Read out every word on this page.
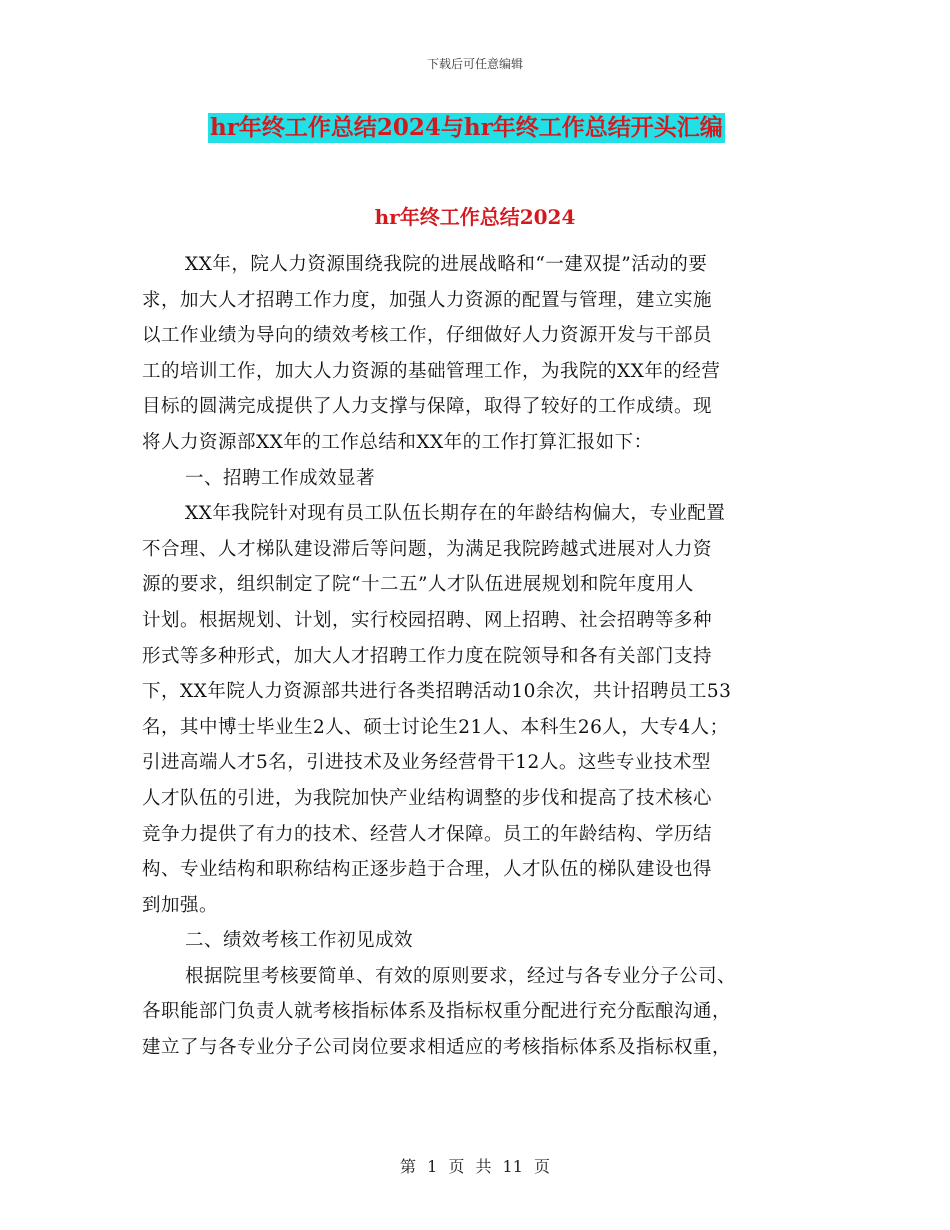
下载后可任意编辑
hr年终工作总结2024与hr年终工作总结开头汇编
hr年终工作总结2024
XX年，院人力资源围绕我院的进展战略和“一建双提”活动的要
求，加大人才招聘工作力度，加强人力资源的配置与管理，建立实施
以工作业绩为导向的绩效考核工作，仔细做好人力资源开发与干部员
工的培训工作，加大人力资源的基础管理工作，为我院的XX年的经营
目标的圆满完成提供了人力支撑与保障，取得了较好的工作成绩。现
将人力资源部XX年的工作总结和XX年的工作打算汇报如下：
一、招聘工作成效显著
XX年我院针对现有员工队伍长期存在的年龄结构偏大，专业配置
不合理、人才梯队建设滞后等问题，为满足我院跨越式进展对人力资
源的要求，组织制定了院“十二五”人才队伍进展规划和院年度用人
计划。根据规划、计划，实行校园招聘、网上招聘、社会招聘等多种
形式等多种形式，加大人才招聘工作力度在院领导和各有关部门支持
下，XX年院人力资源部共进行各类招聘活动10余次，共计招聘员工53
名，其中博士毕业生2人、硕士讨论生21人、本科生26人，大专4人；
引进高端人才5名，引进技术及业务经营骨干12人。这些专业技术型
人才队伍的引进，为我院加快产业结构调整的步伐和提高了技术核心
竞争力提供了有力的技术、经营人才保障。员工的年龄结构、学历结
构、专业结构和职称结构正逐步趋于合理，人才队伍的梯队建设也得
到加强。
二、绩效考核工作初见成效
根据院里考核要简单、有效的原则要求，经过与各专业分子公司、
各职能部门负责人就考核指标体系及指标权重分配进行充分酝酿沟通，
建立了与各专业分子公司岗位要求相适应的考核指标体系及指标权重，
第 1 页 共 11 页
